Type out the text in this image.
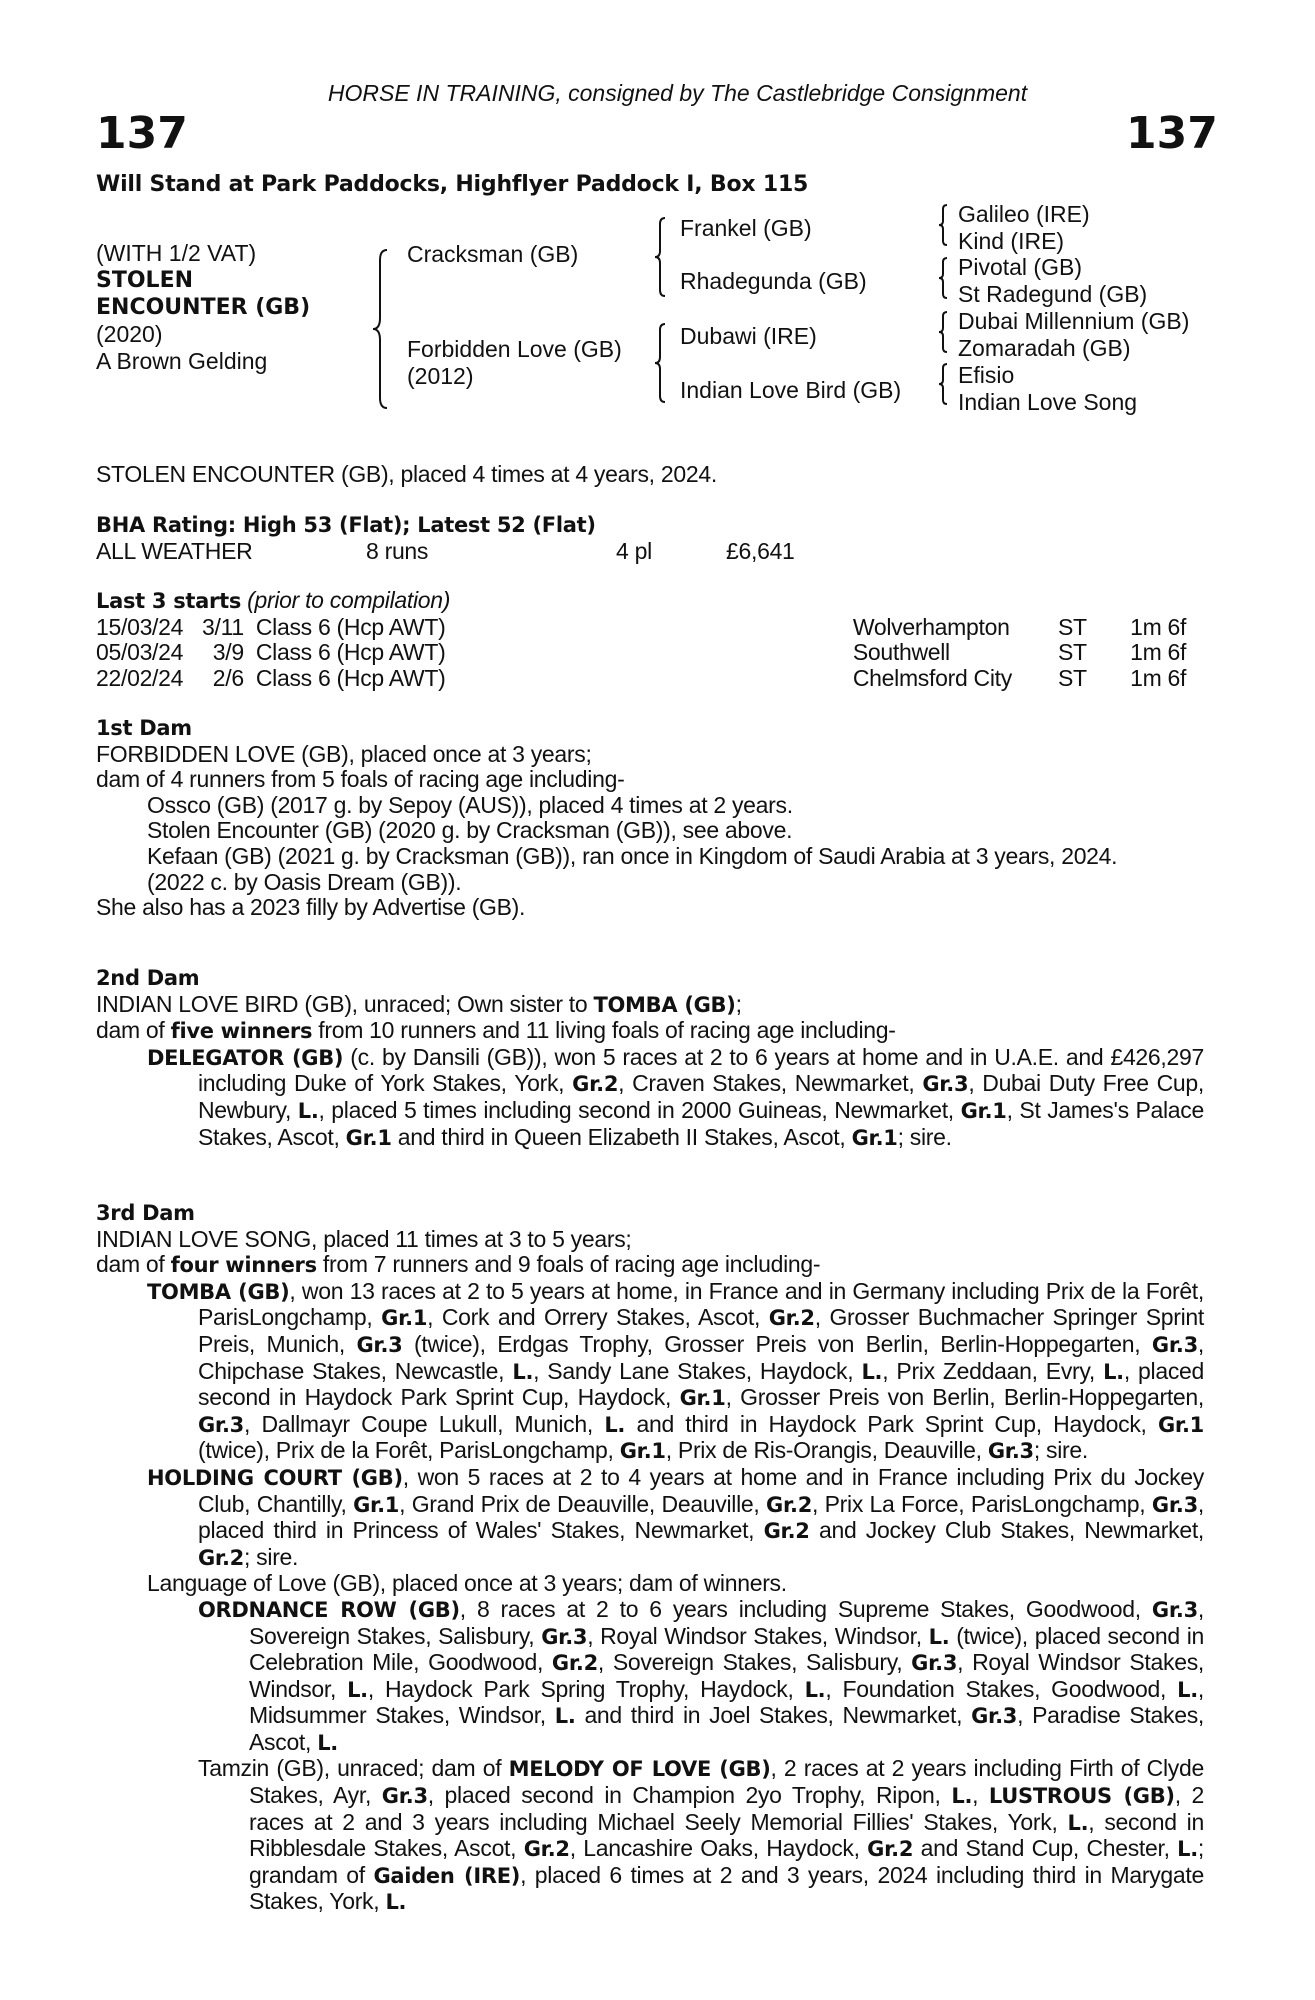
HORSE IN TRAINING, consigned by The Castlebridge Consignment
137	137
Will Stand at Park Paddocks, Highflyer Paddock I, Box 115
(WITH 1/2 VAT)
STOLEN
ENCOUNTER (GB)
(2020)
A Brown Gelding
Cracksman (GB)
Forbidden Love (GB)
(2012)
Frankel (GB)
Rhadegunda (GB)
Dubawi (IRE)
Indian Love Bird (GB)
Galileo (IRE)
Kind (IRE)
Pivotal (GB)
St Radegund (GB)
Dubai Millennium (GB)
Zomaradah (GB)
Efisio
Indian Love Song
STOLEN ENCOUNTER (GB), placed 4 times at 4 years, 2024.
BHA Rating: High 53 (Flat); Latest 52 (Flat)
ALL WEATHER	8 runs	4 pl	£6,641
Last 3 starts (prior to compilation)
15/03/24 3/11 Class 6 (Hcp AWT)	Wolverhampton	ST	1m 6f
05/03/24	3/9 Class 6 (Hcp AWT)	Southwell	ST	1m 6f
22/02/24	2/6 Class 6 (Hcp AWT)	Chelmsford City	ST	1m 6f
1st Dam
FORBIDDEN LOVE (GB), placed once at 3 years;
dam of 4 runners from 5 foals of racing age including-
Ossco (GB) (2017 g. by Sepoy (AUS)), placed 4 times at 2 years.
Stolen Encounter (GB) (2020 g. by Cracksman (GB)), see above.
Kefaan (GB) (2021 g. by Cracksman (GB)), ran once in Kingdom of Saudi Arabia at 3 years, 2024.
(2022 c. by Oasis Dream (GB)).
She also has a 2023 filly by Advertise (GB).
2nd Dam
INDIAN LOVE BIRD (GB), unraced; Own sister to TOMBA (GB);
dam of five winners from 10 runners and 11 living foals of racing age including-
DELEGATOR (GB) (c. by Dansili (GB)), won 5 races at 2 to 6 years at home and in U.A.E. and £426,297 including Duke of York Stakes, York, Gr.2, Craven Stakes, Newmarket, Gr.3, Dubai Duty Free Cup, Newbury, L., placed 5 times including second in 2000 Guineas, Newmarket, Gr.1, St James's Palace Stakes, Ascot, Gr.1 and third in Queen Elizabeth II Stakes, Ascot, Gr.1; sire.
3rd Dam
INDIAN LOVE SONG, placed 11 times at 3 to 5 years;
dam of four winners from 7 runners and 9 foals of racing age including-
TOMBA (GB), won 13 races at 2 to 5 years at home, in France and in Germany including Prix de la Forêt, ParisLongchamp, Gr.1, Cork and Orrery Stakes, Ascot, Gr.2, Grosser Buchmacher Springer Sprint Preis, Munich, Gr.3 (twice), Erdgas Trophy, Grosser Preis von Berlin, Berlin-Hoppegarten, Gr.3, Chipchase Stakes, Newcastle, L., Sandy Lane Stakes, Haydock, L., Prix Zeddaan, Evry, L., placed second in Haydock Park Sprint Cup, Haydock, Gr.1, Grosser Preis von Berlin, Berlin-Hoppegarten, Gr.3, Dallmayr Coupe Lukull, Munich, L. and third in Haydock Park Sprint Cup, Haydock, Gr.1 (twice), Prix de la Forêt, ParisLongchamp, Gr.1, Prix de Ris-Orangis, Deauville, Gr.3; sire.
HOLDING COURT (GB), won 5 races at 2 to 4 years at home and in France including Prix du Jockey Club, Chantilly, Gr.1, Grand Prix de Deauville, Deauville, Gr.2, Prix La Force, ParisLongchamp, Gr.3, placed third in Princess of Wales' Stakes, Newmarket, Gr.2 and Jockey Club Stakes, Newmarket, Gr.2; sire.
Language of Love (GB), placed once at 3 years; dam of winners.
ORDNANCE ROW (GB), 8 races at 2 to 6 years including Supreme Stakes, Goodwood, Gr.3, Sovereign Stakes, Salisbury, Gr.3, Royal Windsor Stakes, Windsor, L. (twice), placed second in Celebration Mile, Goodwood, Gr.2, Sovereign Stakes, Salisbury, Gr.3, Royal Windsor Stakes, Windsor, L., Haydock Park Spring Trophy, Haydock, L., Foundation Stakes, Goodwood, L., Midsummer Stakes, Windsor, L. and third in Joel Stakes, Newmarket, Gr.3, Paradise Stakes, Ascot, L.
Tamzin (GB), unraced; dam of MELODY OF LOVE (GB), 2 races at 2 years including Firth of Clyde Stakes, Ayr, Gr.3, placed second in Champion 2yo Trophy, Ripon, L., LUSTROUS (GB), 2 races at 2 and 3 years including Michael Seely Memorial Fillies' Stakes, York, L., second in Ribblesdale Stakes, Ascot, Gr.2, Lancashire Oaks, Haydock, Gr.2 and Stand Cup, Chester, L.; grandam of Gaiden (IRE), placed 6 times at 2 and 3 years, 2024 including third in Marygate Stakes, York, L.
